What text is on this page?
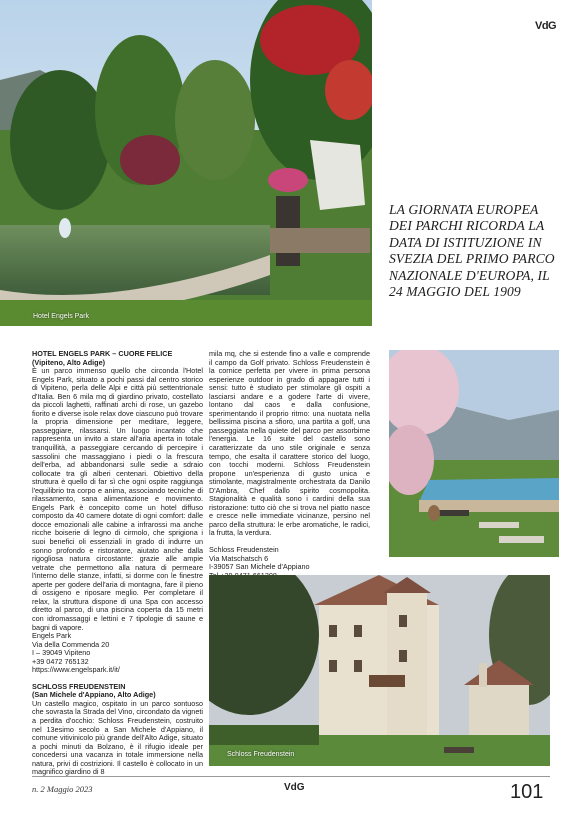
Hotel Engels Park
VdG
LA GIORNATA EUROPEA DEI PARCHI RICORDA LA DATA DI ISTITUZIONE IN SVEZIA DEL PRIMO PARCO NAZIONALE D'EUROPA, IL 24 MAGGIO DEL 1909

HOTEL ENGELS PARK – CUORE FELICE

(Vipiteno, Alto Adige)

È un parco immenso quello che circonda l'Hotel Engels Park, situato a pochi passi dal centro storico di Vipiteno, perla delle Alpi e città più settentrionale d'Italia. Ben 6 mila mq di giardino privato, costellato da piccoli laghetti, raffinati archi di rose, un gazebo fiorito e diverse isole relax dove ciascuno può trovare la propria dimensione per meditare, leggere, passeggiare, rilassarsi. Un luogo incantato che rappresenta un invito a stare all'aria aperta in totale tranquillità, a passeggiare cercando di percepire i sassolini che massaggiano i piedi o la frescura dell'erba, ad abbandonarsi sulle sedie a sdraio collocate tra gli alberi centenari. Obiettivo della struttura è quello di far sì che ogni ospite raggiunga l'equilibrio tra corpo e anima, associando tecniche di rilassamento, sana alimentazione e movimento. Engels Park è concepito come un hotel diffuso composto da 40 camere dotate di ogni comfort: dalle docce emozionali alle cabine a infrarossi ma anche ricche boiserie di legno di cirmolo, che sprigiona i suoi benefici oli essenziali in grado di indurre un sonno profondo e ristoratore, aiutato anche dalla rigogliosa natura circostante: grazie alle ampie vetrate che permettono alla natura di permeare l'interno delle stanze, infatti, si dorme con le finestre aperte per godere dell'aria di montagna, fare il pieno di ossigeno e riposare meglio. Per completare il relax, la struttura dispone di una Spa con accesso diretto al parco, di una piscina coperta da 15 metri con idromassaggi e lettini e 7 tipologie di saune e bagni di vapore.

Engels Park

Via della Commenda 20

I – 39049 Vipiteno

+39 0472 765132

https://www.engelspark.it/it/

SCHLOSS FREUDENSTEIN

(San Michele d'Appiano, Alto Adige)

Un castello magico, ospitato in un parco sontuoso che sovrasta la Strada del Vino, circondato da vigneti a perdita d'occhio: Schloss Freudenstein, costruito nel 13esimo secolo a San Michele d'Appiano, il comune vitivinicolo più grande dell'Alto Adige, situato a pochi minuti da Bolzano, è il rifugio ideale per concedersi una vacanza in totale immersione nella natura, privi di costrizioni. Il castello è collocato in un magnifico giardino di 8

mila mq, che si estende fino a valle e comprende il campo da Golf privato. Schloss Freudenstein è la cornice perfetta per vivere in prima persona esperienze outdoor in grado di appagare tutti i sensi: tutto è studiato per stimolare gli ospiti a lasciarsi andare e a godere l'arte di vivere, lontano dal caos e dalla confusione, sperimentando il proprio ritmo: una nuotata nella bellissima piscina a sfioro, una partita a golf, una passeggiata nella quiete del parco per assorbirne l'energia. Le 16 suite del castello sono caratterizzate da uno stile originale e senza tempo, che esalta il carattere storico del luogo, con tocchi moderni. Schloss Freudenstein propone un'esperienza di gusto unica e stimolante, magistralmente orchestrata da Danilo D'Ambra, Chef dallo spirito cosmopolita. Stagionalità e qualità sono i cardini della sua ristorazione: tutto ciò che si trova nel piatto nasce e cresce nelle immediate vicinanze, persino nel parco della struttura: le erbe aromatiche, le radici, la frutta, la verdura.

Schloss Freudenstein

Via Matschatsch 6

I-39057 San Michele d'Appiano

Schloss Freudenstein
n. 2 Maggio 2023	VdG	101
